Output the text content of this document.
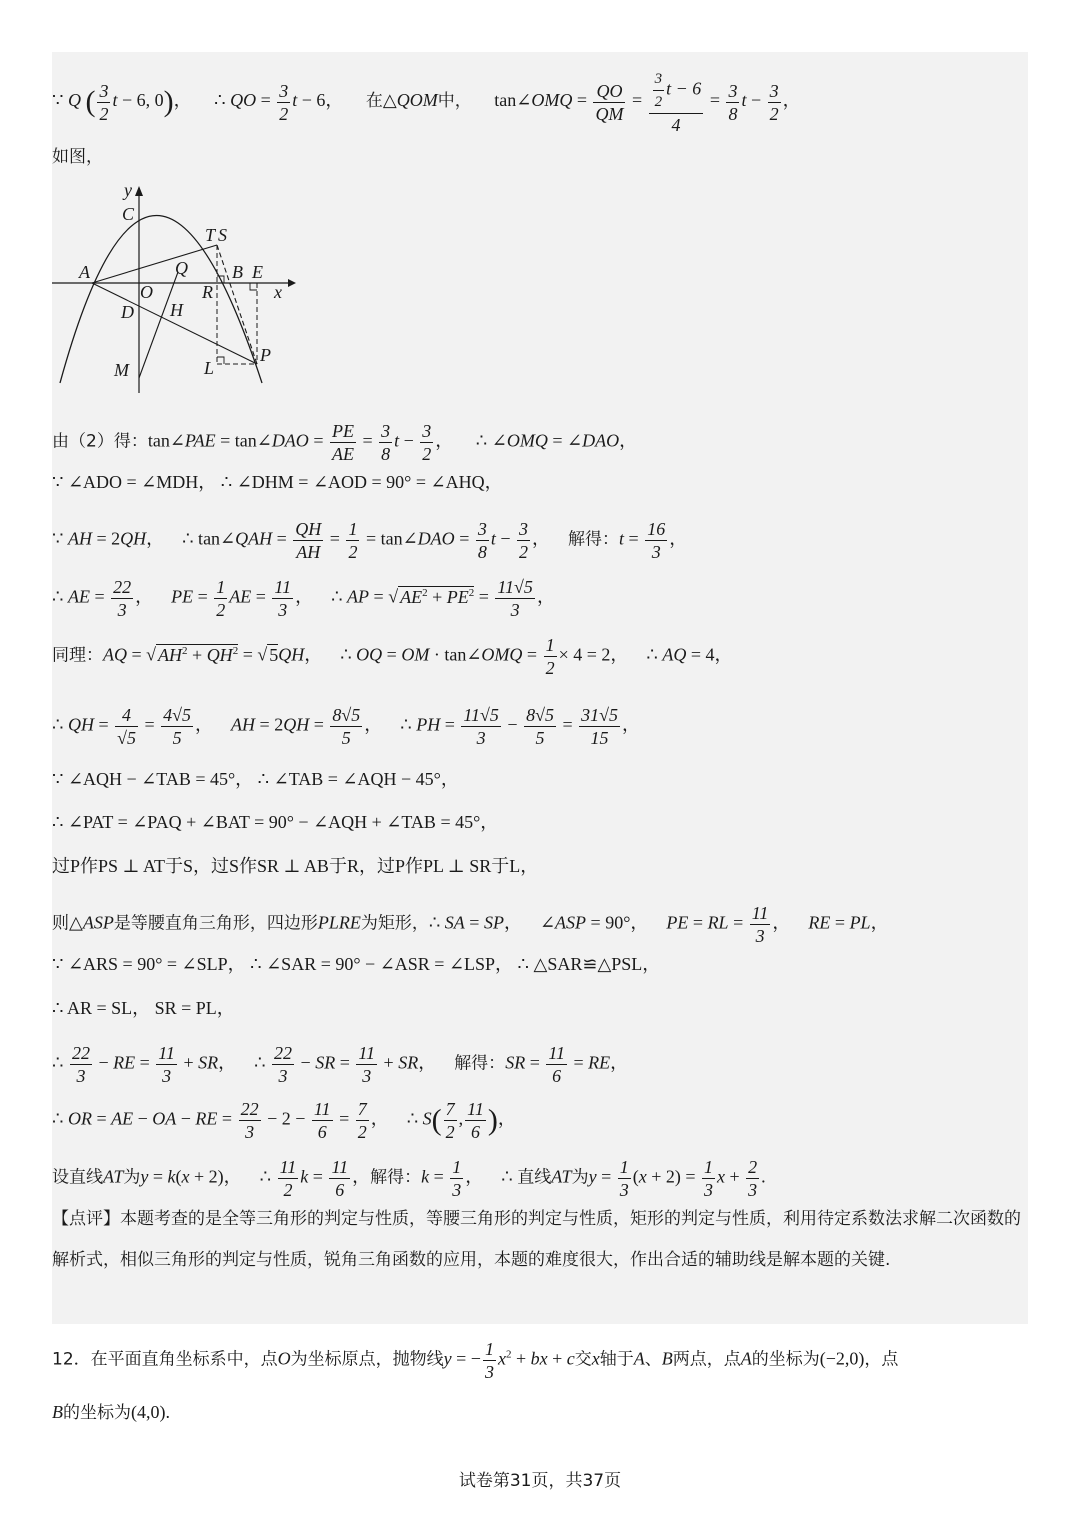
∵ Q ( $\frac{3}{2}$ t − 6, 0)， ∴ QO = $\frac{3}{2}$ t − 6， 在△QOM中， tan∠OMQ = $\frac{QO}{QM} = \frac{\frac{3}{2} t - 6}{4} = \frac{3}{8}$ $t - \frac{3}{2}$ ，
如图，
y
C
T S
A	Q B E
x
O	R
D H
M	L
P
由（2）得：tan∠PAE = tan∠DAO = $\frac{PE}{AE} = \frac{3}{8}$ $t - \frac{3}{2}$ ， ∴ ∠OMQ = ∠DAO，
∵ ∠ADO = ∠MDH， ∴ ∠DHM = ∠AOD = 90° = ∠AHQ，
∵ AH = 2QH， ∴ tan∠QAH = $\frac{QH}{AH} = \frac{1}{2}$ = tan∠DAO = $\frac{3}{8}$ $t - \frac{3}{2}$ ， 解得：$t = \frac{16}{3}$ ，
∴ AE = $\frac{22}{3}$ ， PE = $\frac{1}{2}$ AE = $\frac{11}{3}$ ， ∴ AP = √ $AE^2 + PE^2 = \frac{11√5}{3}$ ，
同理：AQ = √ $AH^2 + QH^2$ = √ 5QH， ∴ OQ = OM · tan∠OMQ = $\frac{1}{2} \times 4 = 2$， ∴ AQ = 4，
∴ QH = $\frac{4}{√5} = \frac{4√5}{5}$ ， AH = $2QH = \frac{8√5}{5}$ ， ∴ PH = $\frac{11√5}{3} - \frac{8√5}{5} = \frac{31√5}{15}$ ，
∵ ∠AQH − ∠TAB = 45°， ∴ ∠TAB = ∠AQH − 45°，
∴ ∠PAT = ∠PAQ + ∠BAT = 90° − ∠AQH + ∠TAB = 45°，
过P作PS ⊥ AT于S，过S作SR ⊥ AB于R，过P作PL ⊥ SR于L，
则△ASP是等腰直角三角形，四边形PLRE为矩形，∴ SA = SP， ∠ASP = 90°， PE = RL = $\frac{11}{3}$ ， RE = PL，
∵ ∠ARS = 90° = ∠SLP， ∴ ∠SAR = 90° − ∠ASR = ∠LSP， ∴ △SAR≌△PSL，
∴ AR = SL， SR = PL，
∴ $\frac{22}{3}$ − RE = $\frac{11}{3}$ + SR， ∴ $\frac{22}{3}$ − SR = $\frac{11}{3}$ + SR， 解得：SR = $\frac{11}{6}$ = RE，
∴ OR = AE − OA − RE = $\frac{22}{3} - 2 - \frac{11}{6} = \frac{7}{2}$ ， ∴ $S( \frac{7}{2}$ , $\frac{11}{6}$ )，
设直线AT为y = k(x + 2)， ∴ $\frac{11}{2}$ $k = \frac{11}{6}$ ，解得：$k = \frac{1}{3}$ ， ∴ 直线AT为$y = \frac{1}{3} (x + 2) = \frac{1}{3}$ $x + \frac{2}{3}$ .
【点评】本题考查的是全等三角形的判定与性质，等腰三角形的判定与性质，矩形的判定与性质，利用待定系数法求解二次函数的解析式，相似三角形的判定与性质，锐角三角函数的应用，本题的难度很大，作出合适的辅助线是解本题的关键.
12．在平面直角坐标系中，点O为坐标原点，抛物线y = − $\frac{1}{3} x^2$ + bx + c交x轴于A、B两点，点A的坐标为(−2,0)，点
B的坐标为(4,0).
试卷第31页，共37页
